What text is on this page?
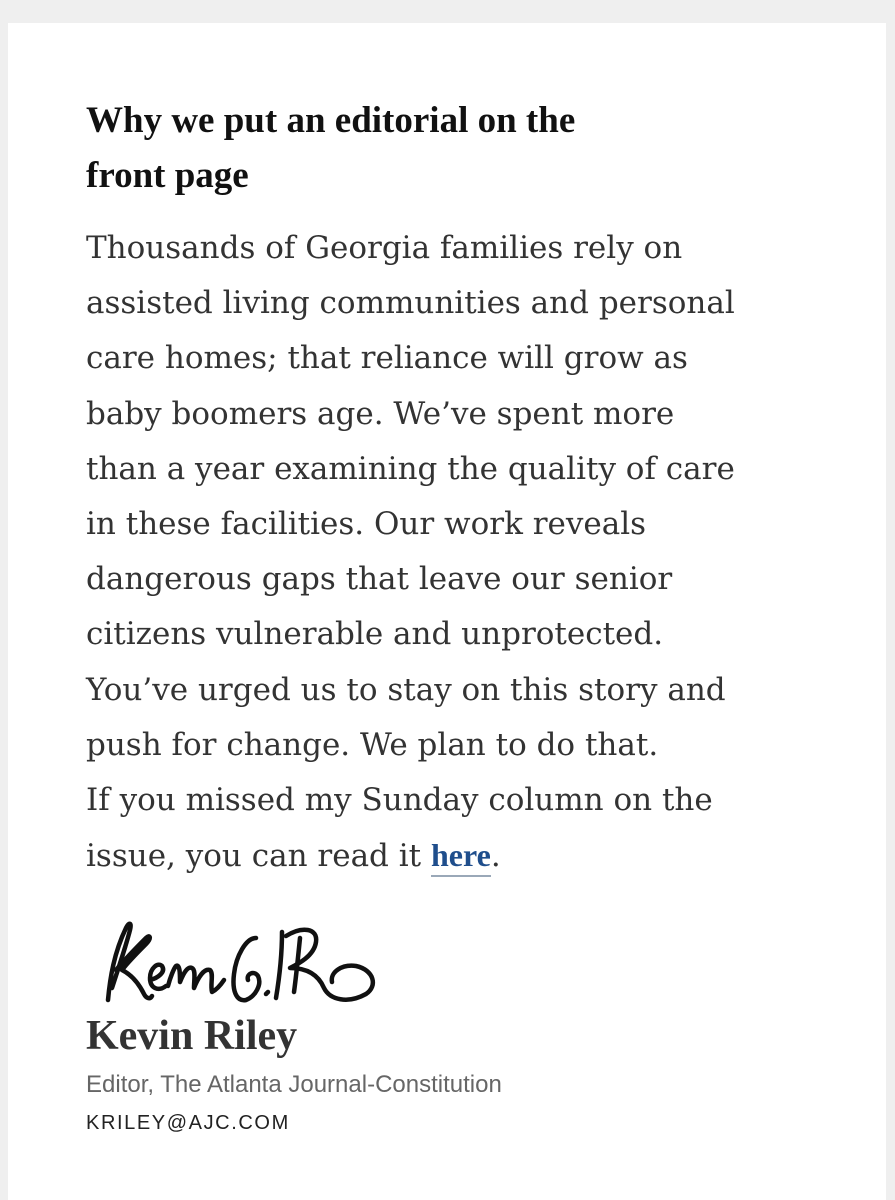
Why we put an editorial on the
front page

Thousands of Georgia families rely on
assisted living communities and personal
care homes; that reliance will grow as
baby boomers age. We’ve spent more
than a year examining the quality of care
in these facilities. Our work reveals
dangerous gaps that leave our senior
citizens vulnerable and unprotected.
You’ve urged us to stay on this story and
push for change. We plan to do that.
If you missed my Sunday column on the
issue, you can read it here.

Kevin Riley
Editor, The Atlanta Journal-Constitution
KRILEY@AJC.COM
